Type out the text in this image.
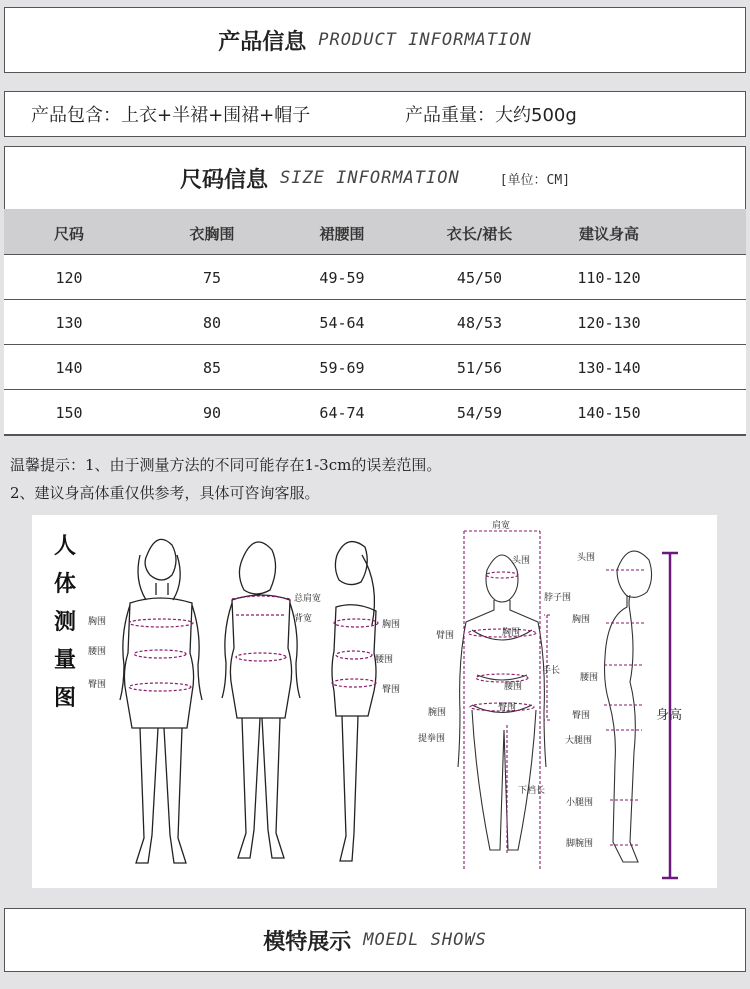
产品信息 PRODUCT INFORMATION
产品包含：上衣+半裙+围裙+帽子	产品重量：大约500g
尺码信息 SIZE INFORMATION	[单位：CM]
尺码	衣胸围	裙腰围	衣长/裙长	建议身高
120	75	49-59	45/50	110-120
130	80	54-64	48/53	120-130
140	85	59-69	51/56	130-140
150	90	64-74	54/59	140-150
温馨提示：1、由于测量方法的不同可能存在1-3cm的误差范围。
2、建议身高体重仅供参考，具体可咨询客服。
人
体
测
量
图
胸围
腰围
臀围
总肩宽
背宽
胸围
腰围
臀围
肩宽
头围
脖子围
臂围	胸围
手长
腰围
臀围
腕围
提拳围
下裆长
头围
胸围
腰围
臀围
大腿围
小腿围
脚腕围
身高
模特展示 MOEDL SHOWS
